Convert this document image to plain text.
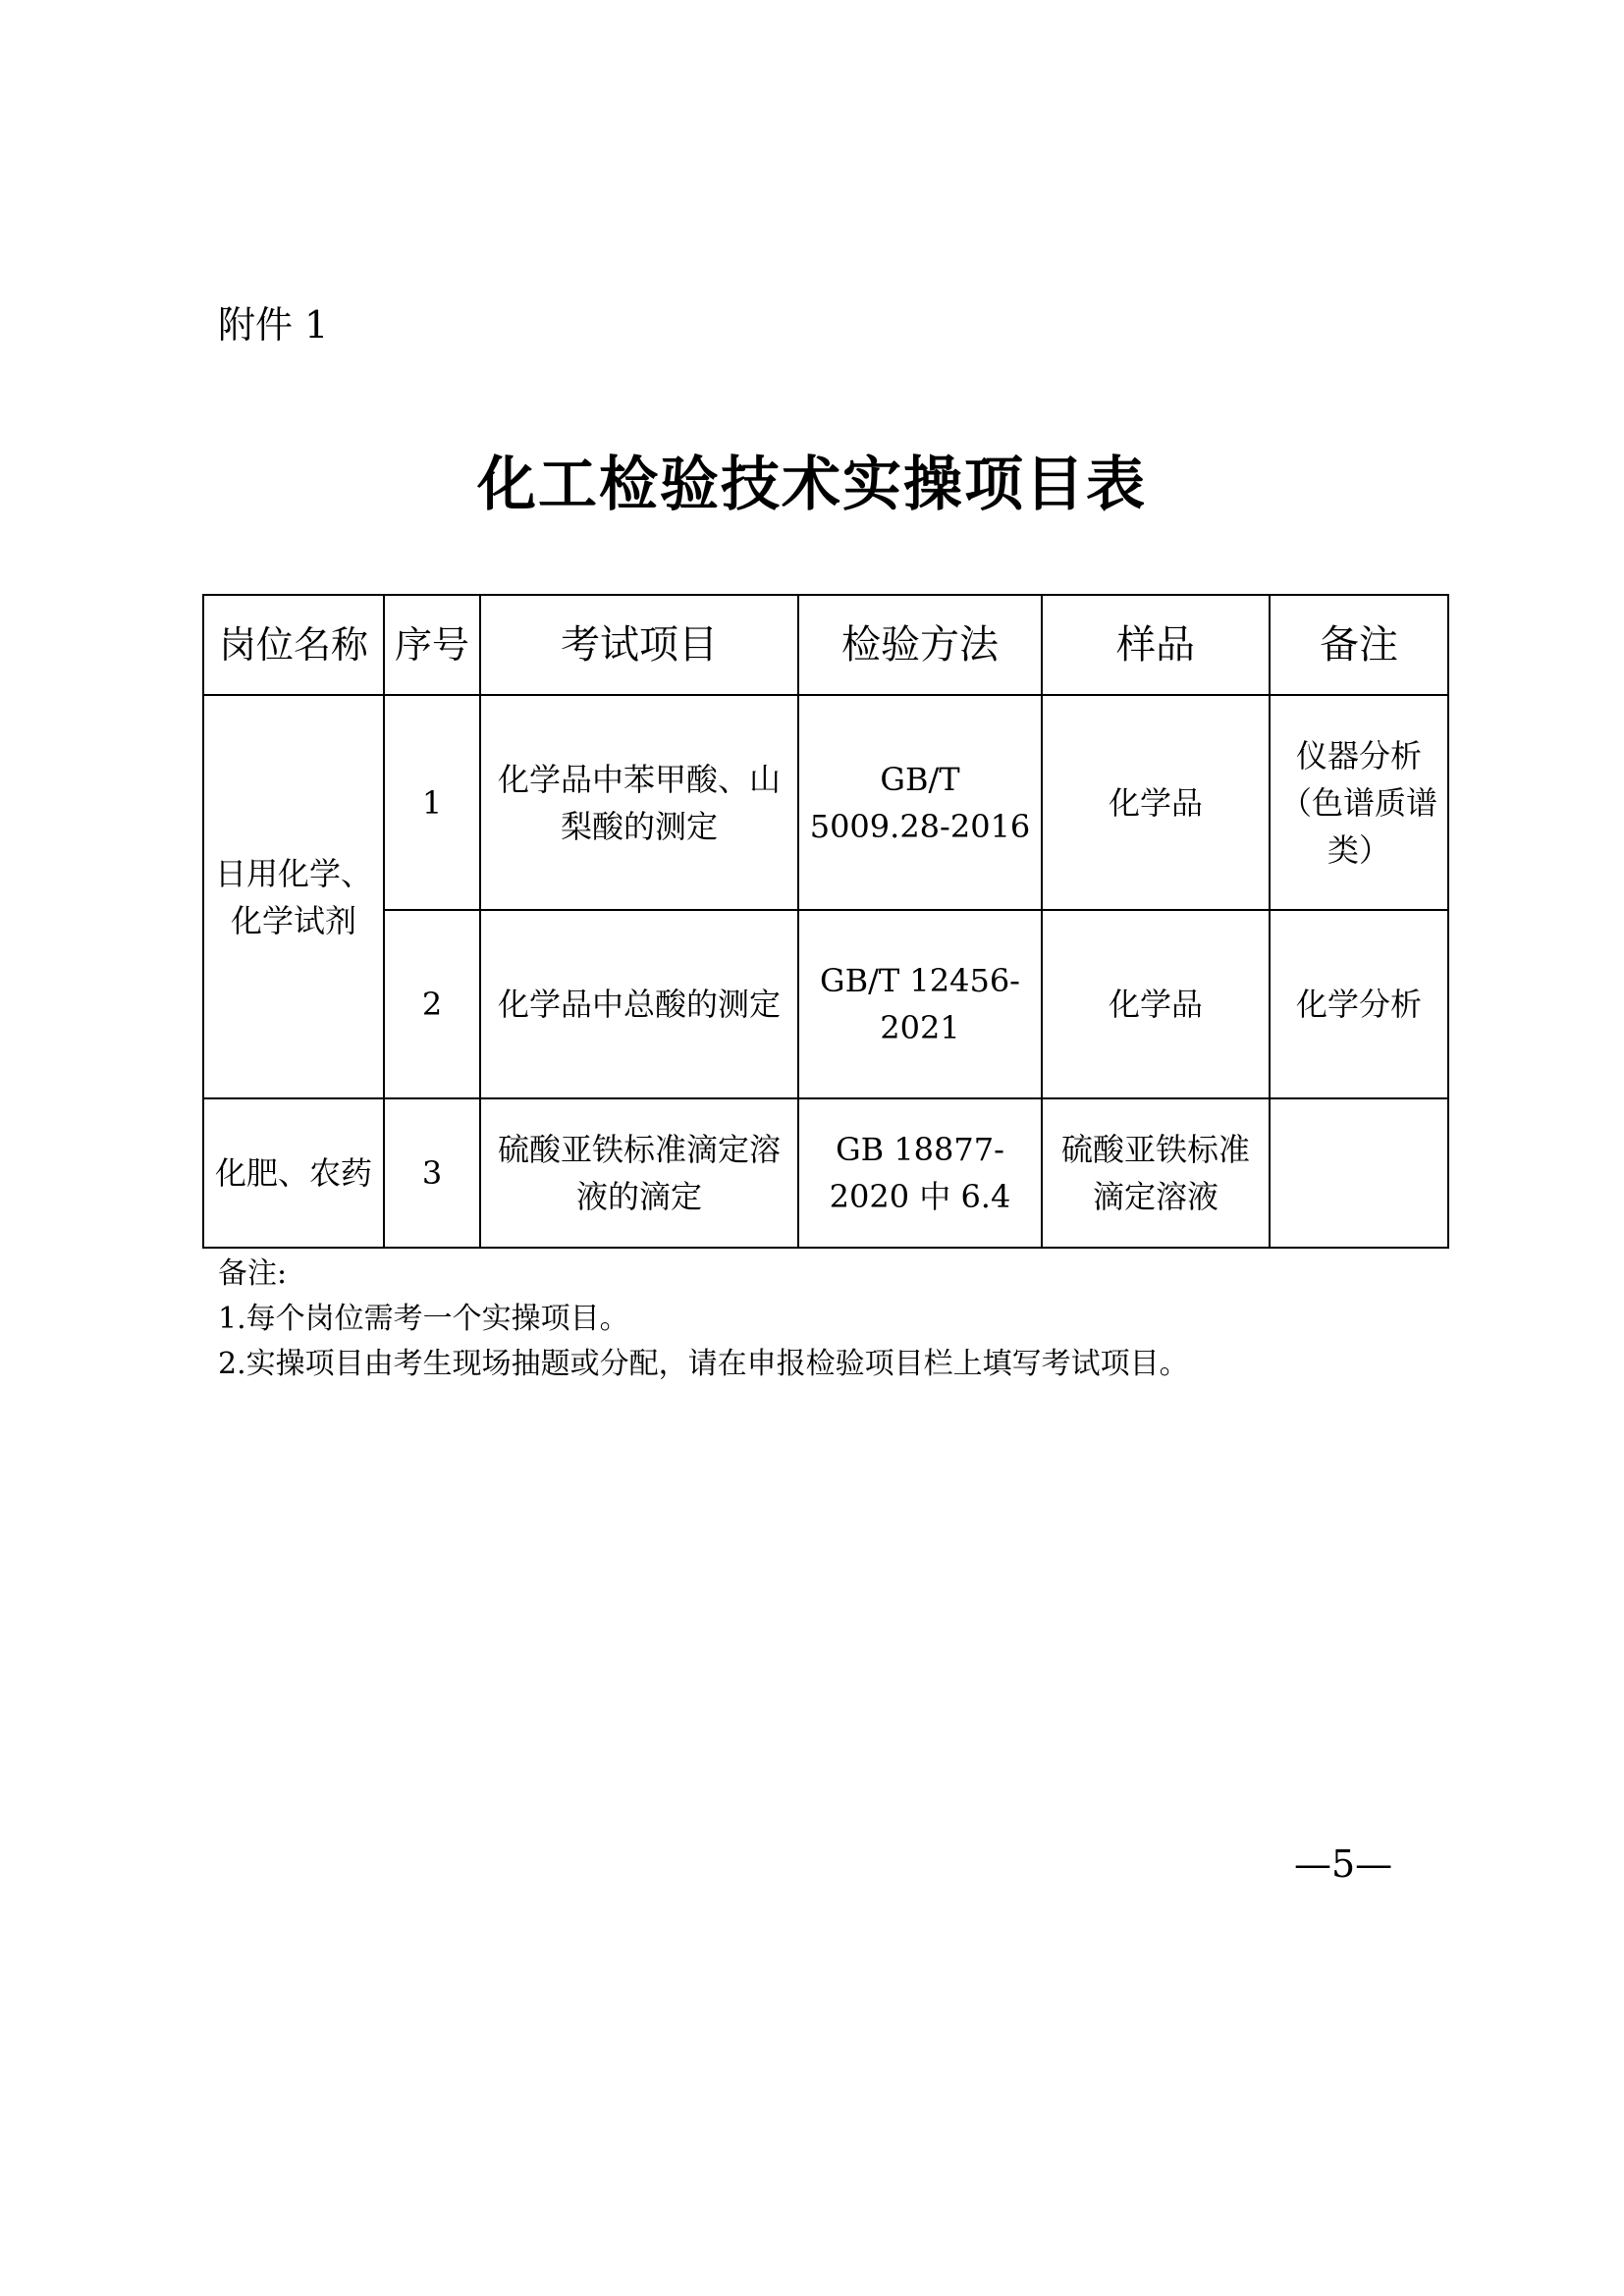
附件 1
化工检验技术实操项目表
岗位名称	序号	考试项目	检验方法	样品	备注
日用化学、化学试剂	1	化学品中苯甲酸、山梨酸的测定	GB/T 5009.28-2016	化学品	仪器分析（色谱质谱类）
	2	化学品中总酸的测定	GB/T 12456-2021	化学品	化学分析
化肥、农药	3	硫酸亚铁标准滴定溶液的滴定	GB 18877-2020 中 6.4	硫酸亚铁标准滴定溶液	
备注:
1.每个岗位需考一个实操项目。
2.实操项目由考生现场抽题或分配，请在申报检验项目栏上填写考试项目。
—5—
